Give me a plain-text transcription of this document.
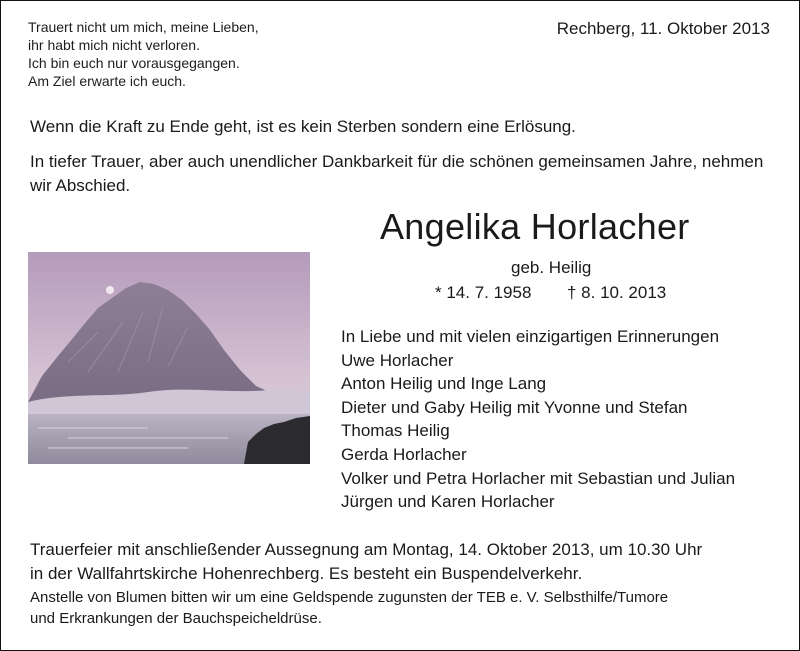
Trauert nicht um mich, meine Lieben,
ihr habt mich nicht verloren.
Ich bin euch nur vorausgegangen.
Am Ziel erwarte ich euch.
Rechberg, 11. Oktober 2013
Wenn die Kraft zu Ende geht, ist es kein Sterben sondern eine Erlösung.
In tiefer Trauer, aber auch unendlicher Dankbarkeit für die schönen gemeinsamen Jahre, nehmen wir Abschied.
Angelika Horlacher
geb. Heilig
* 14. 7. 1958 † 8. 10. 2013
In Liebe und mit vielen einzigartigen Erinnerungen
Uwe Horlacher
Anton Heilig und Inge Lang
Dieter und Gaby Heilig mit Yvonne und Stefan
Thomas Heilig
Gerda Horlacher
Volker und Petra Horlacher mit Sebastian und Julian
Jürgen und Karen Horlacher
Trauerfeier mit anschließender Aussegnung am Montag, 14. Oktober 2013, um 10.30 Uhr
in der Wallfahrtskirche Hohenrechberg. Es besteht ein Buspendelverkehr.
Anstelle von Blumen bitten wir um eine Geldspende zugunsten der TEB e. V. Selbsthilfe/Tumore
und Erkrankungen der Bauchspeicheldrüse.
